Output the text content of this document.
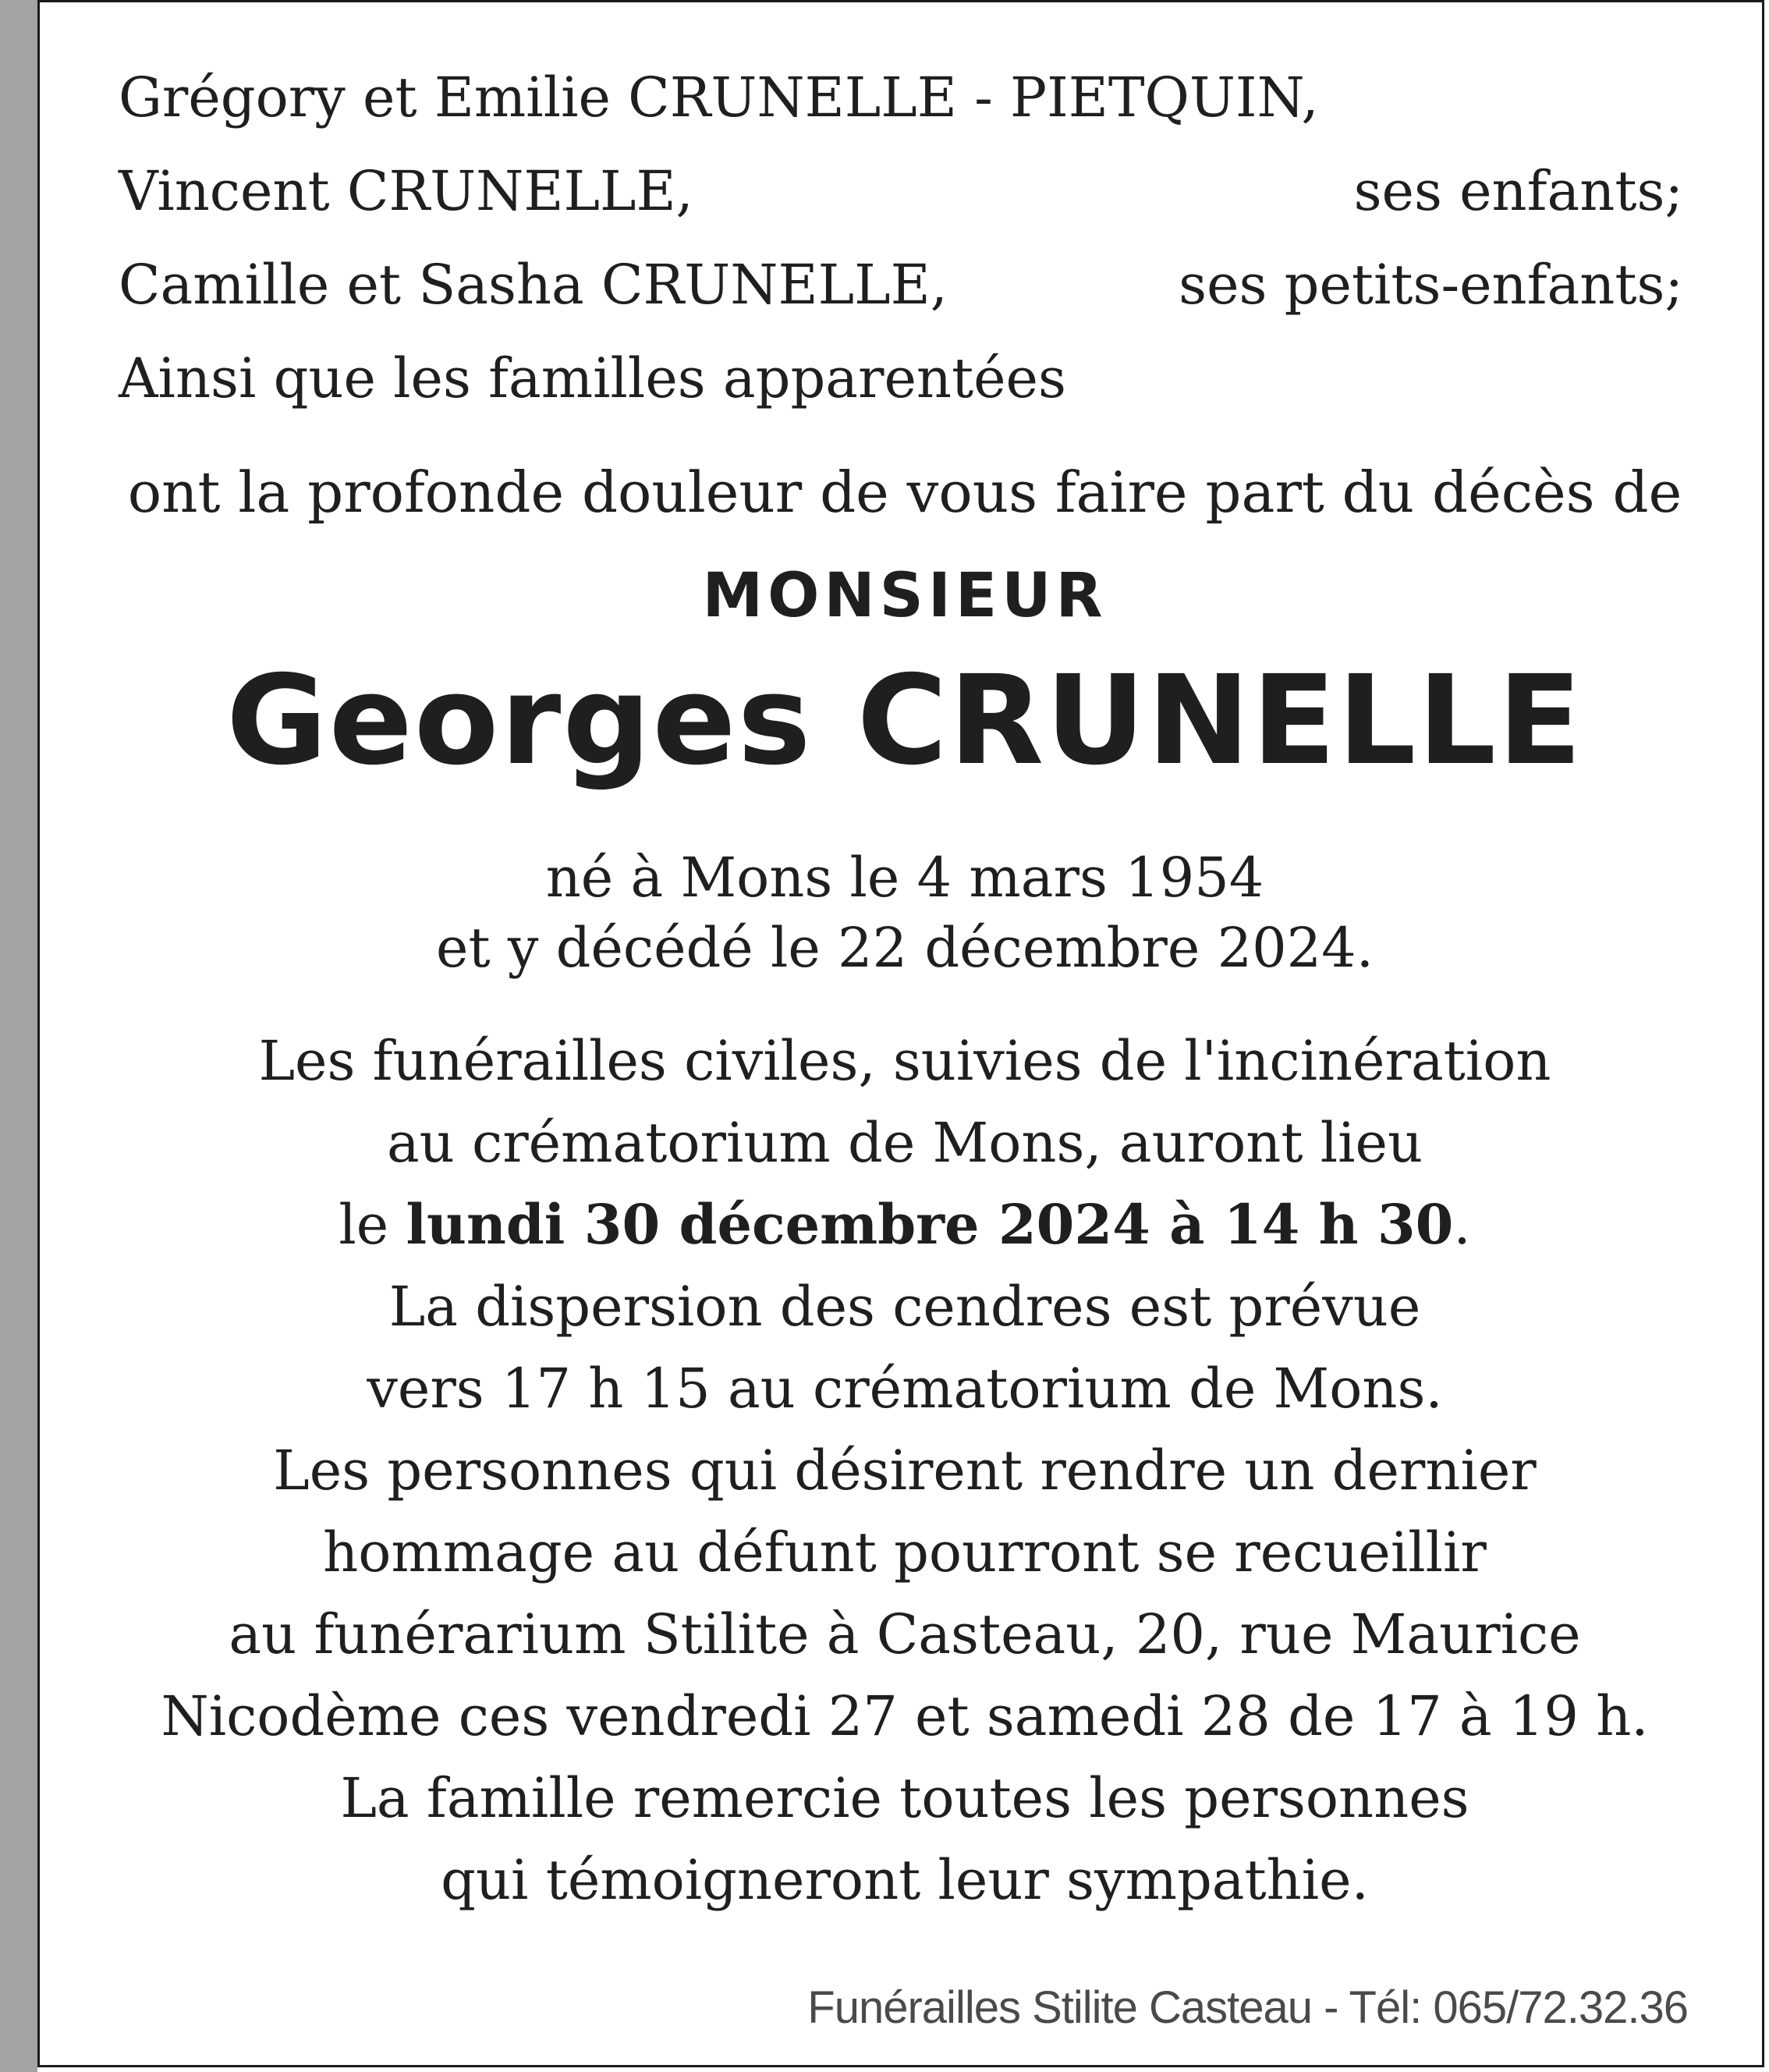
Grégory et Emilie CRUNELLE - PIETQUIN,
Vincent CRUNELLE,	ses enfants;
Camille et Sasha CRUNELLE,	ses petits-enfants;
Ainsi que les familles apparentées
ont la profonde douleur de vous faire part du décès de
MONSIEUR
Georges CRUNELLE
né à Mons le 4 mars 1954
et y décédé le 22 décembre 2024.
Les funérailles civiles, suivies de l'incinération
au crématorium de Mons, auront lieu
le lundi 30 décembre 2024 à 14 h 30.
La dispersion des cendres est prévue
vers 17 h 15 au crématorium de Mons.
Les personnes qui désirent rendre un dernier
hommage au défunt pourront se recueillir
au funérarium Stilite à Casteau, 20, rue Maurice
Nicodème ces vendredi 27 et samedi 28 de 17 à 19 h.
La famille remercie toutes les personnes
qui témoigneront leur sympathie.
Funérailles Stilite Casteau - Tél: 065/72.32.36
